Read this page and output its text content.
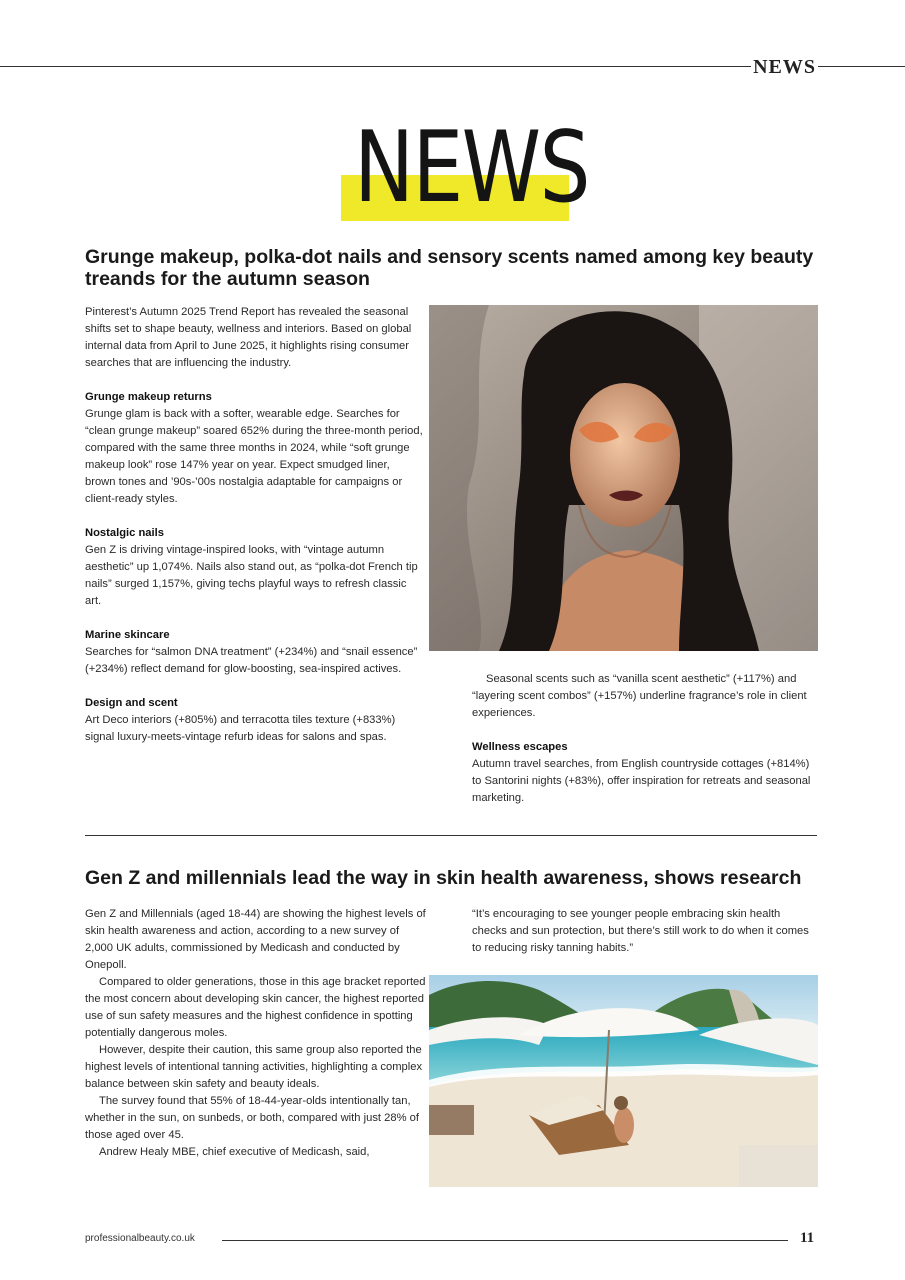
NEWS
NEWS
Grunge makeup, polka-dot nails and sensory scents named among key beauty treands for the autumn season

Pinterest’s Autumn 2025 Trend Report has revealed the seasonal shifts set to shape beauty, wellness and interiors. Based on global internal data from April to June 2025, it highlights rising consumer searches that are influencing the industry.

Grunge makeup returns

Grunge glam is back with a softer, wearable edge. Searches for “clean grunge makeup” soared 652% during the three-month period, compared with the same three months in 2024, while “soft grunge makeup look” rose 147% year on year. Expect smudged liner, brown tones and ’90s-’00s nostalgia adaptable for campaigns or client-ready styles.

Nostalgic nails

Gen Z is driving vintage-inspired looks, with “vintage autumn aesthetic” up 1,074%. Nails also stand out, as “polka-dot French tip nails” surged 1,157%, giving techs playful ways to refresh classic art.

Marine skincare

Searches for “salmon DNA treatment” (+234%) and “snail essence” (+234%) reflect demand for glow-boosting, sea-inspired actives.

Design and scent

Art Deco interiors (+805%) and terracotta tiles texture (+833%) signal luxury-meets-vintage refurb ideas for salons and spas.

Seasonal scents such as “vanilla scent aesthetic” (+117%) and “layering scent combos” (+157%) underline fragrance’s role in client experiences.

Wellness escapes

Autumn travel searches, from English countryside cottages (+814%) to Santorini nights (+83%), offer inspiration for retreats and seasonal marketing.

Gen Z and millennials lead the way in skin health awareness, shows research

Gen Z and Millennials (aged 18-44) are showing the highest levels of skin health awareness and action, according to a new survey of 2,000 UK adults, commissioned by Medicash and conducted by Onepoll.

Compared to older generations, those in this age bracket reported the most concern about developing skin cancer, the highest reported use of sun safety measures and the highest confidence in spotting potentially dangerous moles.

However, despite their caution, this same group also reported the highest levels of intentional tanning activities, highlighting a complex balance between skin safety and beauty ideals.

The survey found that 55% of 18-44-year-olds intentionally tan, whether in the sun, on sunbeds, or both, compared with just 28% of those aged over 45.

Andrew Healy MBE, chief executive of Medicash, said,

“It’s encouraging to see younger people embracing skin health checks and sun protection, but there’s still work to do when it comes to reducing risky tanning habits.”

professionalbeauty.co.uk	11
